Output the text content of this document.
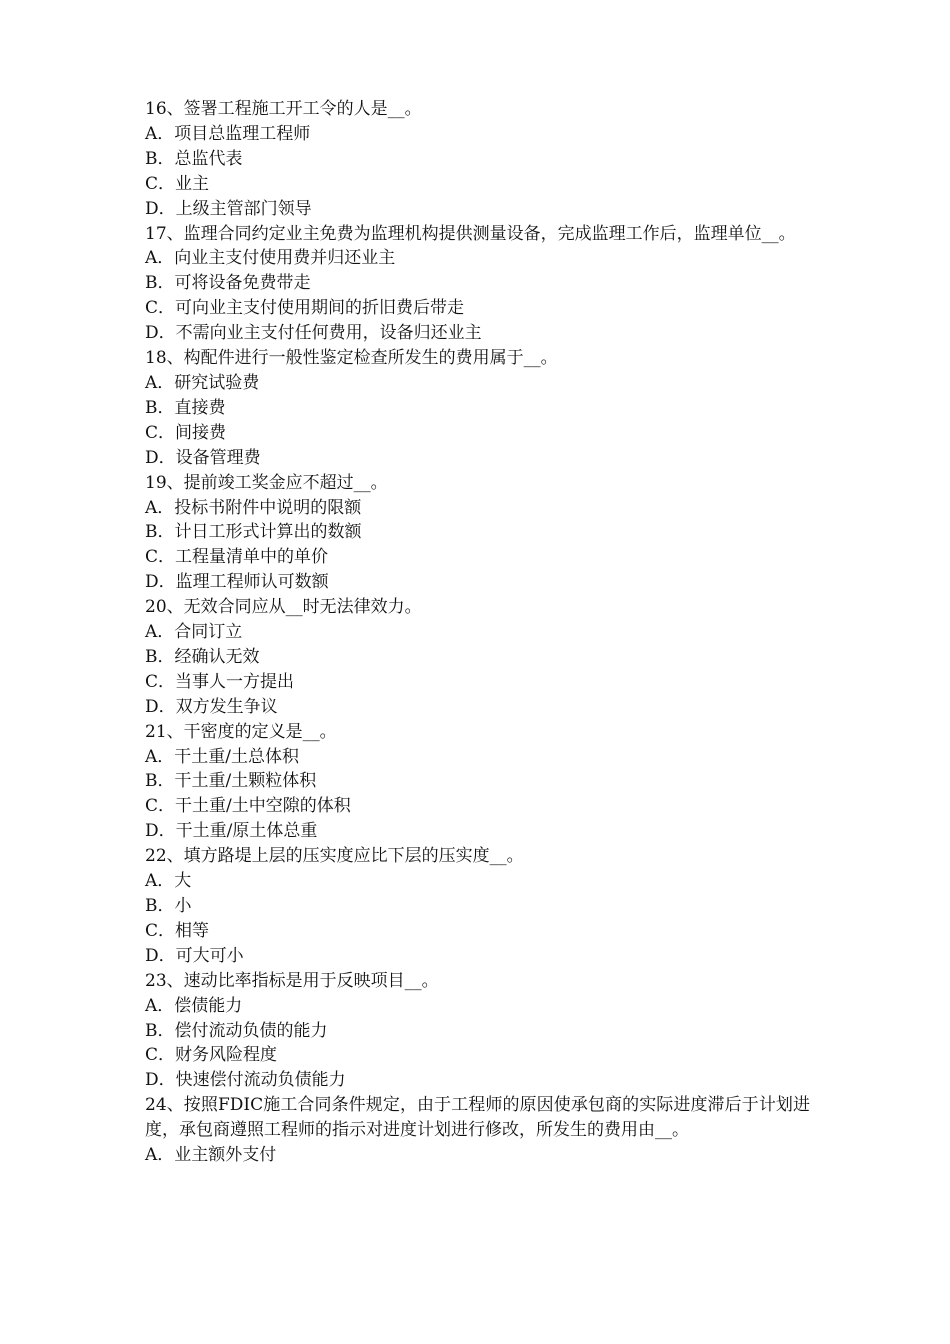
16、签署工程施工开工令的人是__。

A．项目总监理工程师

B．总监代表

C．业主

D．上级主管部门领导

17、监理合同约定业主免费为监理机构提供测量设备，完成监理工作后，监理单位__。

A．向业主支付使用费并归还业主

B．可将设备免费带走

C．可向业主支付使用期间的折旧费后带走

D．不需向业主支付任何费用，设备归还业主

18、构配件进行一般性鉴定检查所发生的费用属于__。

A．研究试验费

B．直接费

C．间接费

D．设备管理费

19、提前竣工奖金应不超过__。

A．投标书附件中说明的限额

B．计日工形式计算出的数额

C．工程量清单中的单价

D．监理工程师认可数额

20、无效合同应从__时无法律效力。

A．合同订立

B．经确认无效

C．当事人一方提出

D．双方发生争议

21、干密度的定义是__。

A．干土重/土总体积

B．干土重/土颗粒体积

C．干土重/土中空隙的体积

D．干土重/原土体总重

22、填方路堤上层的压实度应比下层的压实度__。

A．大

B．小

C．相等

D．可大可小

23、速动比率指标是用于反映项目__。

A．偿债能力

B．偿付流动负债的能力

C．财务风险程度

D．快速偿付流动负债能力

24、按照FDIC施工合同条件规定，由于工程师的原因使承包商的实际进度滞后于计划进度，承包商遵照工程师的指示对进度计划进行修改，所发生的费用由__。

A．业主额外支付
